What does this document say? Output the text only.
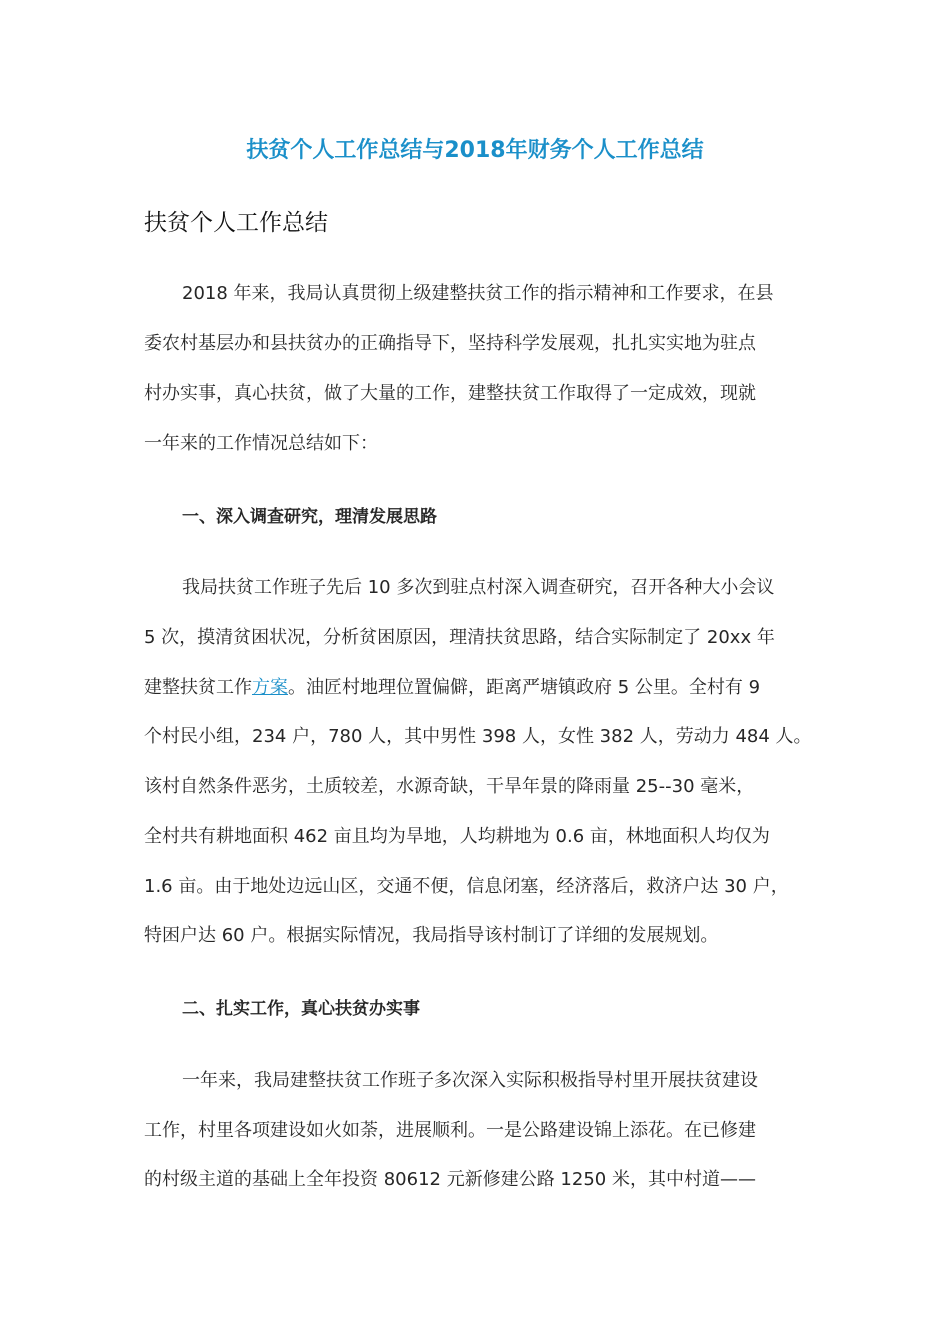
扶贫个人工作总结与2018年财务个人工作总结
扶贫个人工作总结
2018 年来，我局认真贯彻上级建整扶贫工作的指示精神和工作要求，在县
委农村基层办和县扶贫办的正确指导下，坚持科学发展观，扎扎实实地为驻点
村办实事，真心扶贫，做了大量的工作，建整扶贫工作取得了一定成效，现就
一年来的工作情况总结如下：
一、深入调查研究，理清发展思路
我局扶贫工作班子先后 10 多次到驻点村深入调查研究，召开各种大小会议
5 次，摸清贫困状况，分析贫困原因，理清扶贫思路，结合实际制定了 20xx 年
建整扶贫工作方案。油匠村地理位置偏僻，距离严塘镇政府 5 公里。全村有 9
个村民小组，234 户，780 人，其中男性 398 人，女性 382 人，劳动力 484 人。
该村自然条件恶劣，土质较差，水源奇缺，干旱年景的降雨量 25--30 毫米，
全村共有耕地面积 462 亩且均为旱地，人均耕地为 0.6 亩，林地面积人均仅为
1.6 亩。由于地处边远山区，交通不便，信息闭塞，经济落后，救济户达 30 户，
特困户达 60 户。根据实际情况，我局指导该村制订了详细的发展规划。
二、扎实工作，真心扶贫办实事
一年来，我局建整扶贫工作班子多次深入实际积极指导村里开展扶贫建设
工作，村里各项建设如火如荼，进展顺利。一是公路建设锦上添花。在已修建
的村级主道的基础上全年投资 80612 元新修建公路 1250 米，其中村道——
